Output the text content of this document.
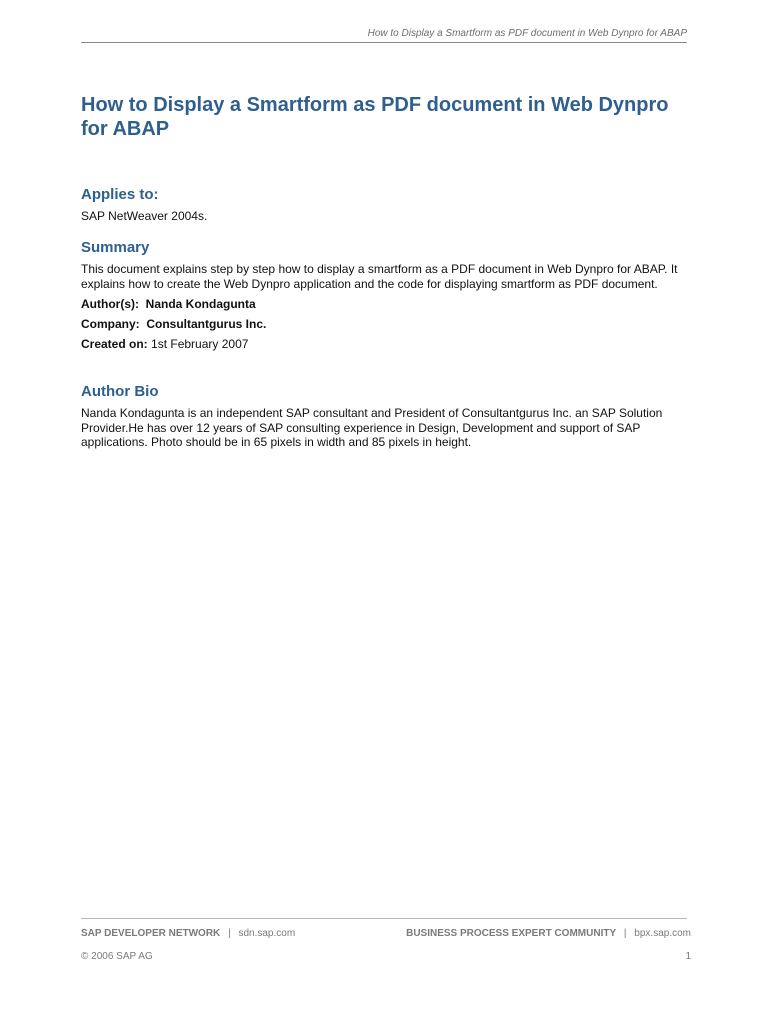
How to Display a Smartform as PDF document in Web Dynpro for ABAP
How to Display a Smartform as PDF document in Web Dynpro for ABAP
Applies to:

SAP NetWeaver 2004s.

Summary

This document explains step by step how to display a smartform as a PDF document in Web Dynpro for ABAP. It explains how to create the Web Dynpro application and the code for displaying smartform as PDF document.

Author(s): Nanda Kondagunta

Company: Consultantgurus Inc.

Created on: 1st February 2007

Author Bio

Nanda Kondagunta is an independent SAP consultant and President of Consultantgurus Inc. an SAP Solution Provider.He has over 12 years of SAP consulting experience in Design, Development and support of SAP applications. Photo should be in 65 pixels in width and 85 pixels in height.

SAP DEVELOPER NETWORK | sdn.sap.com	BUSINESS PROCESS EXPERT COMMUNITY | bpx.sap.com
© 2006 SAP AG	1
